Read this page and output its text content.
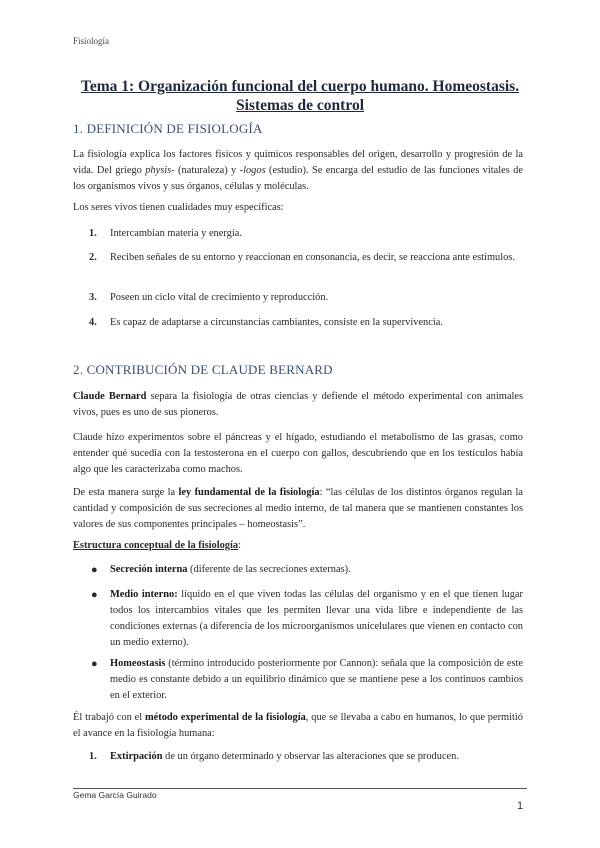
Fisiología
Tema 1: Organización funcional del cuerpo humano. Homeostasis.
Sistemas de control
1. DEFINICIÓN DE FISIOLOGÍA
La fisiología explica los factores físicos y químicos responsables del origen, desarrollo y progresión de la vida. Del griego physis- (naturaleza) y -logos (estudio). Se encarga del estudio de las funciones vitales de los organismos vivos y sus órganos, células y moléculas.
Los seres vivos tienen cualidades muy específicas:
1. Intercambian materia y energía.
2. Reciben señales de su entorno y reaccionan en consonancia, es decir, se reacciona ante estímulos.
3. Poseen un ciclo vital de crecimiento y reproducción.
4. Es capaz de adaptarse a circunstancias cambiantes, consiste en la supervivencia.
2. CONTRIBUCIÓN DE CLAUDE BERNARD
Claude Bernard separa la fisiología de otras ciencias y defiende el método experimental con animales vivos, pues es uno de sus pioneros.
Claude hizo experimentos sobre el páncreas y el hígado, estudiando el metabolismo de las grasas, como entender qué sucedía con la testosterona en el cuerpo con gallos, descubriendo que en los testículos había algo que les caracterizaba como machos.
De esta manera surge la ley fundamental de la fisiología: “las células de los distintos órganos regulan la cantidad y composición de sus secreciones al medio interno, de tal manera que se mantienen constantes los valores de sus componentes principales – homeostasis”.
Estructura conceptual de la fisiología:
● Secreción interna (diferente de las secreciones externas).
● Medio interno: líquido en el que viven todas las células del organismo y en el que tienen lugar todos los intercambios vitales que les permiten llevar una vida libre e independiente de las condiciones externas (a diferencia de los microorganismos unicelulares que vienen en contacto con un medio externo).
● Homeostasis (término introducido posteriormente por Cannon): señala que la composición de este medio es constante debido a un equilibrio dinámico que se mantiene pese a los continuos cambios en el exterior.
Él trabajó con el método experimental de la fisiología, que se llevaba a cabo en humanos, lo que permitió el avance en la fisiología humana:
1. Extirpación de un órgano determinado y observar las alteraciones que se producen.
Gema García Guirado
1
